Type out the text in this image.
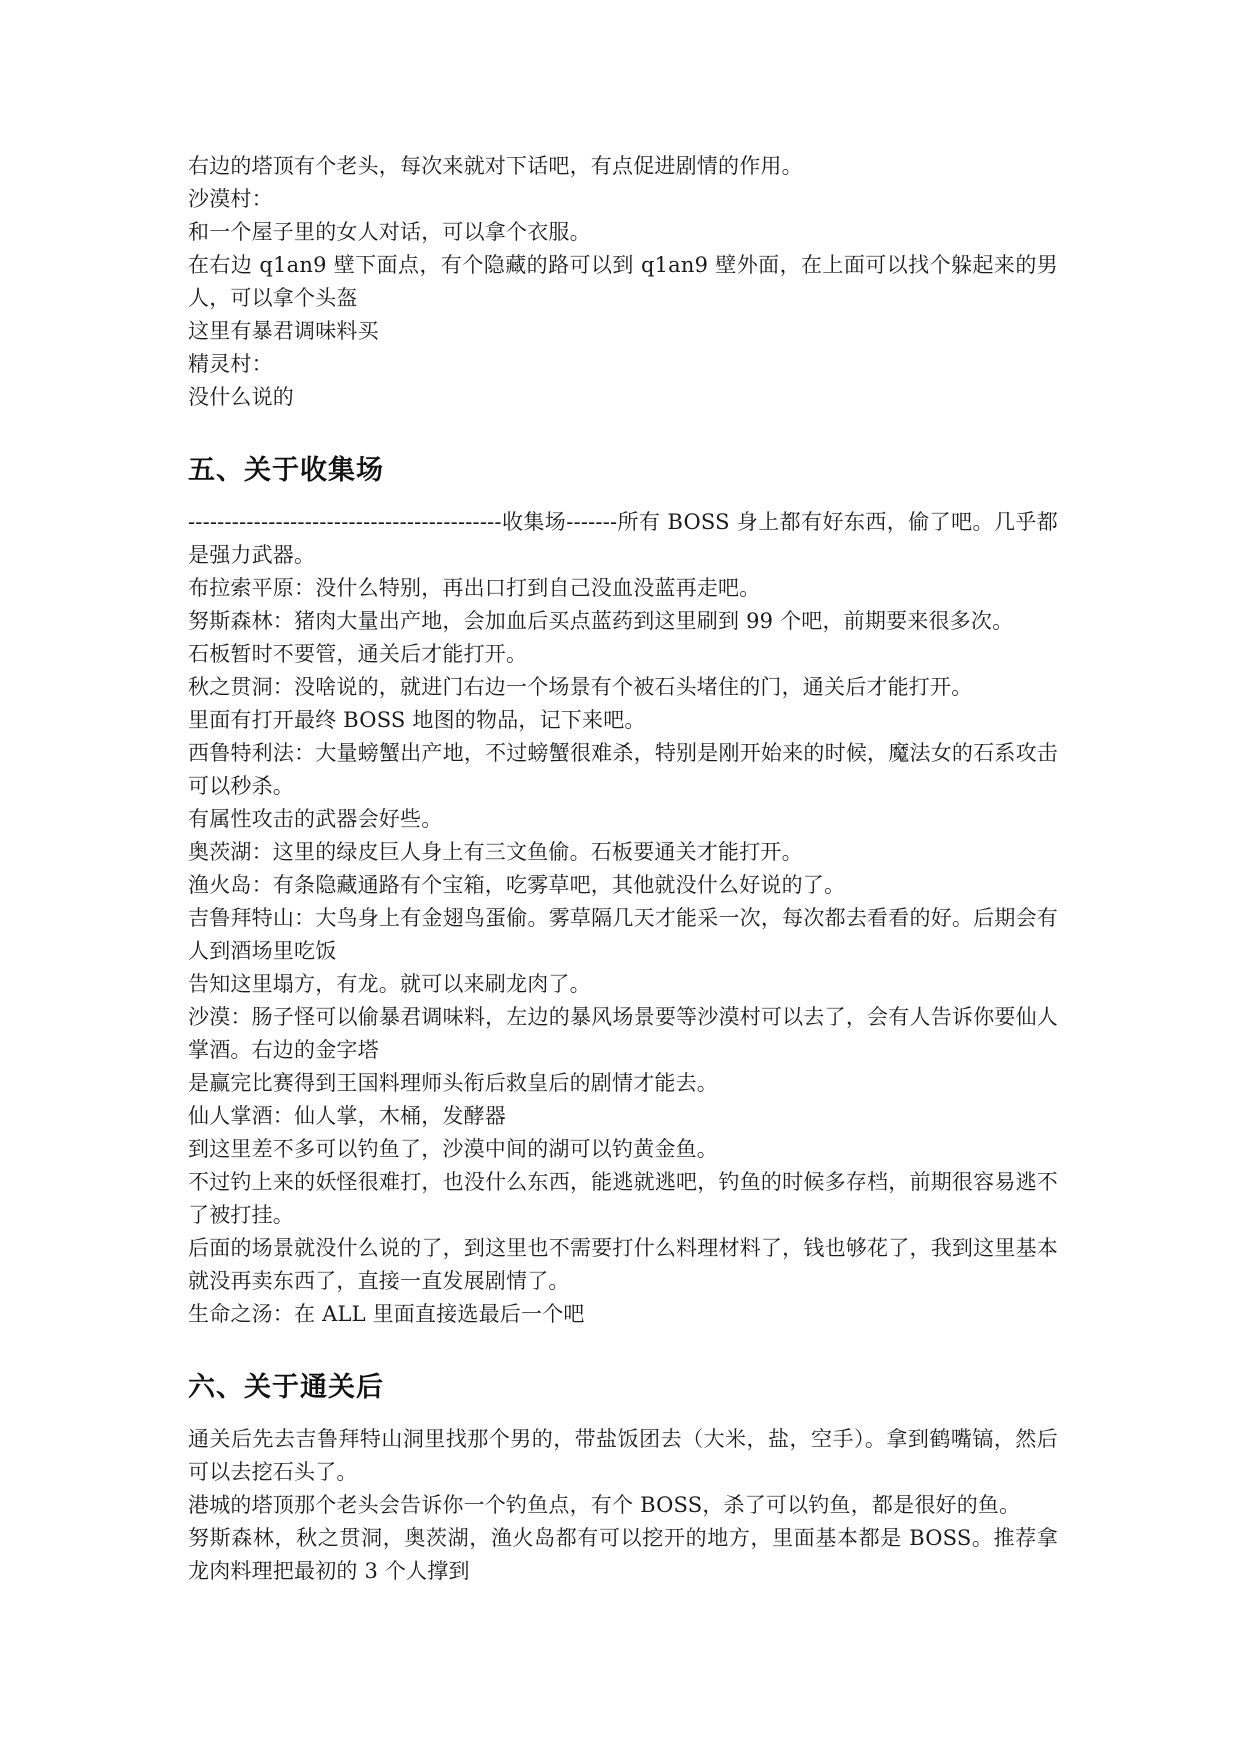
右边的塔顶有个老头，每次来就对下话吧，有点促进剧情的作用。

沙漠村：

和一个屋子里的女人对话，可以拿个衣服。

在右边 q1an9 壁下面点，有个隐藏的路可以到 q1an9 壁外面，在上面可以找个躲起来的男人，可以拿个头盔

这里有暴君调味料买

精灵村：

没什么说的

五、关于收集场

-------------------------------------------收集场-------所有 BOSS 身上都有好东西，偷了吧。几乎都是强力武器。

布拉索平原：没什么特别，再出口打到自己没血没蓝再走吧。

努斯森林：猪肉大量出产地，会加血后买点蓝药到这里刷到 99 个吧，前期要来很多次。

石板暂时不要管，通关后才能打开。

秋之贯洞：没啥说的，就进门右边一个场景有个被石头堵住的门，通关后才能打开。

里面有打开最终 BOSS 地图的物品，记下来吧。

西鲁特利法：大量螃蟹出产地，不过螃蟹很难杀，特别是刚开始来的时候，魔法女的石系攻击可以秒杀。

有属性攻击的武器会好些。

奥茨湖：这里的绿皮巨人身上有三文鱼偷。石板要通关才能打开。

渔火岛：有条隐藏通路有个宝箱，吃雾草吧，其他就没什么好说的了。

吉鲁拜特山：大鸟身上有金翅鸟蛋偷。雾草隔几天才能采一次，每次都去看看的好。后期会有人到酒场里吃饭

告知这里塌方，有龙。就可以来刷龙肉了。

沙漠：肠子怪可以偷暴君调味料，左边的暴风场景要等沙漠村可以去了，会有人告诉你要仙人掌酒。右边的金字塔

是赢完比赛得到王国料理师头衔后救皇后的剧情才能去。

仙人掌酒：仙人掌，木桶，发酵器

到这里差不多可以钓鱼了，沙漠中间的湖可以钓黄金鱼。

不过钓上来的妖怪很难打，也没什么东西，能逃就逃吧，钓鱼的时候多存档，前期很容易逃不了被打挂。

后面的场景就没什么说的了，到这里也不需要打什么料理材料了，钱也够花了，我到这里基本就没再卖东西了，直接一直发展剧情了。

生命之汤：在 ALL 里面直接选最后一个吧

六、关于通关后

通关后先去吉鲁拜特山洞里找那个男的，带盐饭团去（大米，盐，空手）。拿到鹤嘴镐，然后可以去挖石头了。

港城的塔顶那个老头会告诉你一个钓鱼点，有个 BOSS，杀了可以钓鱼，都是很好的鱼。

努斯森林，秋之贯洞，奥茨湖，渔火岛都有可以挖开的地方，里面基本都是 BOSS。推荐拿龙肉料理把最初的 3 个人撑到
